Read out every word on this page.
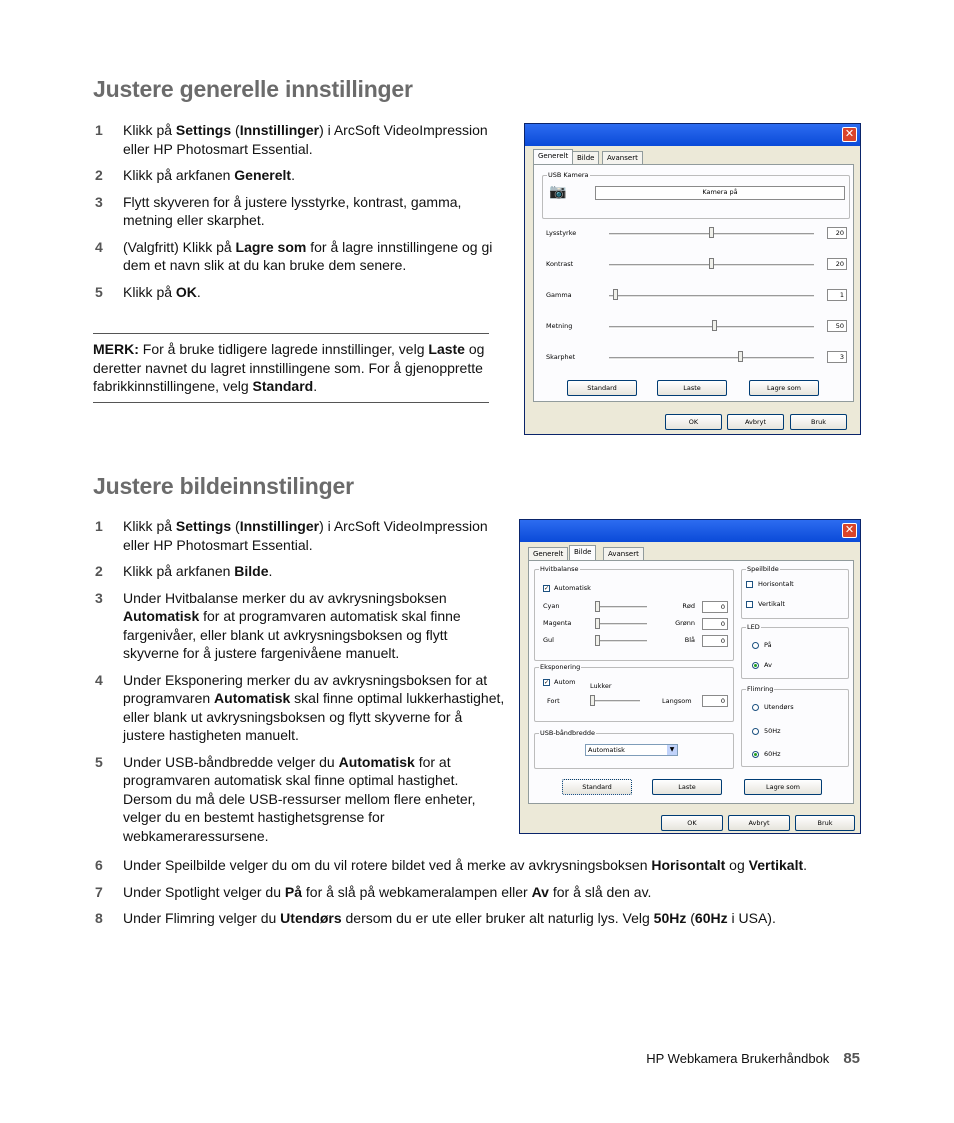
Justere generelle innstillinger
1 Klikk på Settings (Innstillinger) i ArcSoft VideoImpression eller HP Photosmart Essential.
2 Klikk på arkfanen Generelt.
3 Flytt skyveren for å justere lysstyrke, kontrast, gamma, metning eller skarphet.
4 (Valgfritt) Klikk på Lagre som for å lagre innstillingene og gi dem et navn slik at du kan bruke dem senere.
5 Klikk på OK.
MERK: For å bruke tidligere lagrede innstillinger, velg Laste og deretter navnet du lagret innstillingene som. For å gjenopprette fabrikkinnstillingene, velg Standard.
✕
Generelt	Bilde	Avansert
USB Kamera
📷	Kamera på
Lysstyrke	20
Kontrast	20
Gamma	1
Metning	50
Skarphet	3
Standard	Laste	Lagre som
OK	Avbryt	Bruk
Justere bildeinnstilinger
1 Klikk på Settings (Innstillinger) i ArcSoft VideoImpression eller HP Photosmart Essential.
2 Klikk på arkfanen Bilde.
3 Under Hvitbalanse merker du av avkrysningsboksen Automatisk for at programvaren automatisk skal finne fargenivåer, eller blank ut avkrysningsboksen og flytt skyverne for å justere fargenivåene manuelt.
4 Under Eksponering merker du av avkrysningsboksen for at programvaren Automatisk skal finne optimal lukkerhastighet, eller blank ut avkrysningsboksen og flytt skyverne for å justere hastigheten manuelt.
5 Under USB-båndbredde velger du Automatisk for at programvaren automatisk skal finne optimal hastighet. Dersom du må dele USB-ressurser mellom flere enheter, velger du en bestemt hastighetsgrense for webkameraressursene.
6 Under Speilbilde velger du om du vil rotere bildet ved å merke av avkrysningsboksen Horisontalt og Vertikalt.
7 Under Spotlight velger du På for å slå på webkameralampen eller Av for å slå den av.
8 Under Flimring velger du Utendørs dersom du er ute eller bruker alt naturlig lys. Velg 50Hz (60Hz i USA).
✕
Generelt	Bilde	Avansert
Hvitbalanse
✓ Automatisk
Cyan	Rød	0
Magenta	Grønn	0
Gul	Blå	0
Eksponering
✓ Autom Lukker
Fort	Langsom	0
USB-båndbredde
Automatisk	▼
Speilbilde
Horisontalt
Vertikalt
LED
På
Av
Flimring
Utendørs
50Hz
60Hz
Standard	Laste	Lagre som
OK	Avbryt	Bruk
HP Webkamera Brukerhåndbok 85
